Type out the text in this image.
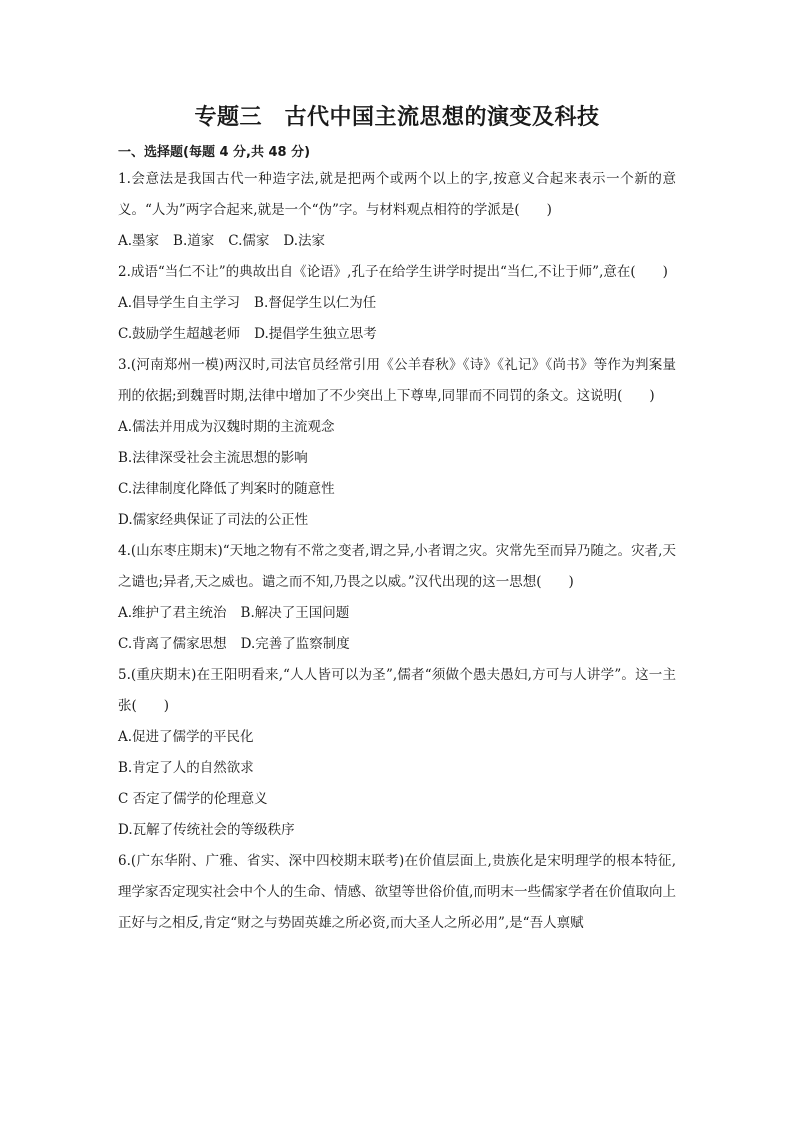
专题三　古代中国主流思想的演变及科技
一、选择题(每题 4 分,共 48 分)

1.会意法是我国古代一种造字法,就是把两个或两个以上的字,按意义合起来表示一个新的意义。“人为”两字合起来,就是一个“伪”字。与材料观点相符的学派是(　　)

A.墨家 B.道家 C.儒家 D.法家

2.成语“当仁不让”的典故出自《论语》,孔子在给学生讲学时提出“当仁,不让于师”,意在(　　)

A.倡导学生自主学习 B.督促学生以仁为任
C.鼓励学生超越老师 D.提倡学生独立思考

3.(河南郑州一模)两汉时,司法官员经常引用《公羊春秋》《诗》《礼记》《尚书》等作为判案量刑的依据;到魏晋时期,法律中增加了不少突出上下尊卑,同罪而不同罚的条文。这说明(　　)

A.儒法并用成为汉魏时期的主流观念
B.法律深受社会主流思想的影响
C.法律制度化降低了判案时的随意性
D.儒家经典保证了司法的公正性

4.(山东枣庄期末)“天地之物有不常之变者,谓之异,小者谓之灾。灾常先至而异乃随之。灾者,天之谴也;异者,天之威也。谴之而不知,乃畏之以威。”汉代出现的这一思想(　　)

A.维护了君主统治 B.解决了王国问题
C.背离了儒家思想 D.完善了监察制度

5.(重庆期末)在王阳明看来,“人人皆可以为圣”,儒者“须做个愚夫愚妇,方可与人讲学”。这一主张(　　)

A.促进了儒学的平民化
B.肯定了人的自然欲求
C 否定了儒学的伦理意义
D.瓦解了传统社会的等级秩序

6.(广东华附、广雅、省实、深中四校期末联考)在价值层面上,贵族化是宋明理学的根本特征,理学家否定现实社会中个人的生命、情感、欲望等世俗价值,而明末一些儒家学者在价值取向上正好与之相反,肯定“财之与势固英雄之所必资,而大圣人之所必用”,是“吾人禀赋
